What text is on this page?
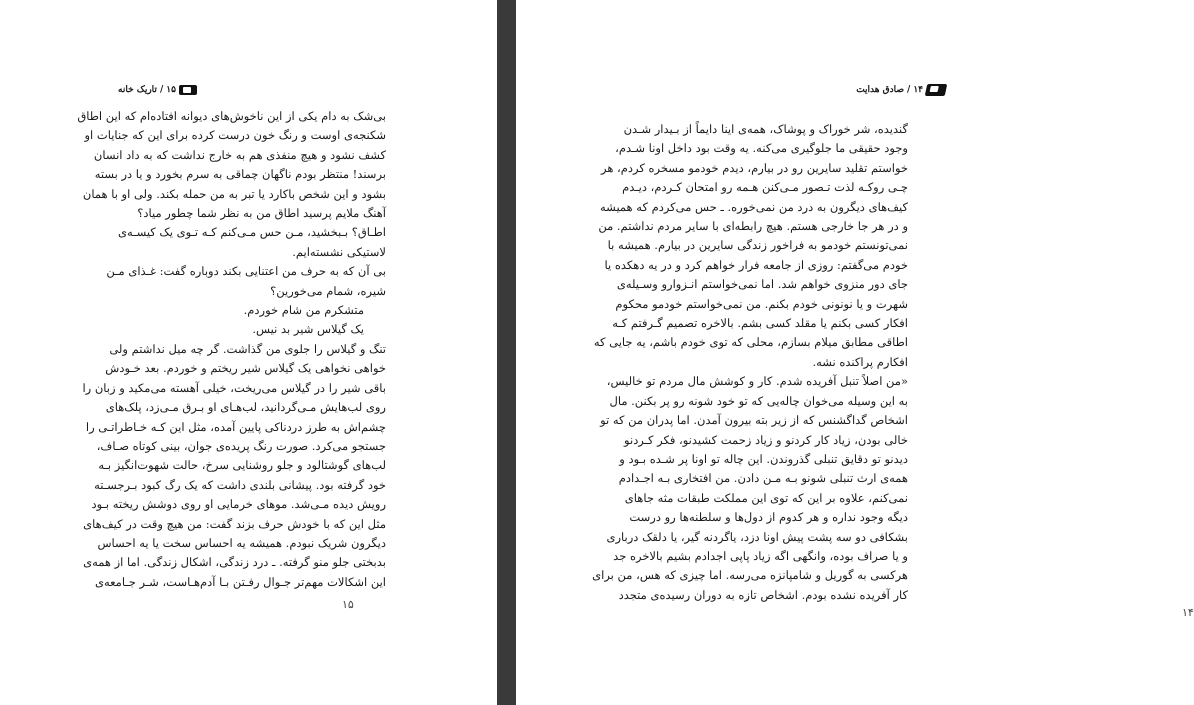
۱۵
/
تاریک خانه
بی‌شک به دام یکی از این ناخوش‌های دیوانه افتاده‌ام که این اطاق
شکنجه‌ی اوست و رنگ خون درست کرده برای این که جنایات او
کشف نشود و هیچ منفذی هم به خارج نداشت که به داد انسان
برسند! منتظر بودم ناگهان چماقی به سرم بخورد و یا در بسته
بشود و این شخص باکارد یا تبر به من حمله بکند. ولی او با همان
آهنگ ملایم پرسید اطاق من به نظر شما چطور میاد؟
اطـاق؟ بـبخشید، مـن حس مـی‌کنم کـه تـوی یک کیسـه‌ی
لاستیکی نشسته‌ایم.
بی آن که به حرف من اعتنایی بکند دوباره گفت: غـذای مـن
شیره، شمام می‌خورین؟
متشکرم من شام خوردم.
یک گیلاس شیر بد نیس.
تنگ و گیلاس را جلوی من گذاشت. گر چه میل نداشتم ولی
خواهی نخواهی یک گیلاس شیر ریختم و خوردم. بعد خـودش
باقی شیر را در گیلاس می‌ریخت، خیلی آهسته می‌مکید و زبان را
روی لب‌هایش مـی‌گردانید، لب‌هـای او بـرق مـی‌زد، پلک‌های
چشم‌اش به طرز دردناکی پایین آمده، مثل این کـه خـاطراتـی را
جستجو می‌کرد. صورت رنگ پریده‌ی جوان، بینی کوتاه صـاف،
لب‌های گوشتالود و جلو روشنایی سرخ، حالت شهوت‌انگیز بـه
خود گرفته بود. پیشانی بلندی داشت که یک رگ کبود بـرجسـته
رویش دیده مـی‌شد. موهای خرمایی او روی دوشش ریخته بـود
مثل این که با خودش حرف بزند گفت: من هیچ وقت در کیف‌های
دیگرون شریک نبودم. همیشه یه احساس سخت یا یه احساس
بدبختی جلو منو گرفته. ـ درد زندگی، اشکال زندگی. اما از همه‌ی
این اشکالات مهم‌تر جـوال رفـتن بـا آدم‌هـاست، شـر جـامعه‌ی
۱۵
۱۴
/
صادق هدایت
۱۴
گندیده، شر خوراک و پوشاک، همه‌ی اینا دایماً از بـیدار شـدن
وجود حقیقی ما جلوگیری می‌کنه. یه وقت بود داخل اونا شـدم،
خواستم تقلید سایرین رو در بیارم، دیدم خودمو مسخره کردم، هر
چـی روکـه لذت تـصور مـی‌کنن هـمه رو امتحان کـردم، دیـدم
کیف‌های دیگرون به درد من نمی‌خوره. ـ حس می‌کردم که همیشه
و در هر جا خارجی هستم. هیچ رابطه‌ای با سایر مردم نداشتم. من
نمی‌تونستم خودمو به فراخور زندگی سایرین در بیارم. همیشه با
خودم می‌گفتم: روزی از جامعه فرار خواهم کرد و در یه دهکده یا
جای دور منزوی خواهم شد. اما نمی‌خواستم انـزوارو وسـیله‌ی
شهرت و یا نونونی خودم بکنم. من نمی‌خواستم خودمو محکوم
افکار کسی بکنم یا مقلد کسی بشم. بالاخره تصمیم گـرفتم کـه
اطاقی مطابق میلام بسازم، محلی که توی خودم باشم، یه جایی که
افکارم پراکنده نشه.
«من اصلاً تنبل آفریده شدم. کار و کوشش مال مردم تو خالیس،
به این وسیله می‌خوان چاله‌یی که تو خود شونه رو پر بکنن. مال
اشخاص گداگشنس که از زیر بته بیرون آمدن. اما پدران من که تو
خالی بودن، زیاد کار کردنو و زیاد زحمت کشیدنو، فکر کـردنو
دیدنو تو دقایق تنبلی گذروندن. این چاله تو اونا پر شـده بـود و
همه‌ی ارث تنبلی شونو بـه مـن دادن. من افتخاری بـه اجـدادم
نمی‌کنم، علاوه بر این که توی این مملکت طبقات مثه جاهای
دیگه وجود نداره و هر کدوم از دول‌ها و سلطنه‌ها رو درست
بشکافی دو سه پشت پیش اونا دزد، یاگردنه گیر، یا دلقک درباری
و یا صراف بوده، وانگهی اگه زیاد پاپی اجدادم بشیم بالاخره جد
هرکسی به گوریل و شامپانزه می‌رسه. اما چیزی که هس، من برای
کار آفریده نشده بودم. اشخاص تازه به دوران رسیده‌ی متجدد
